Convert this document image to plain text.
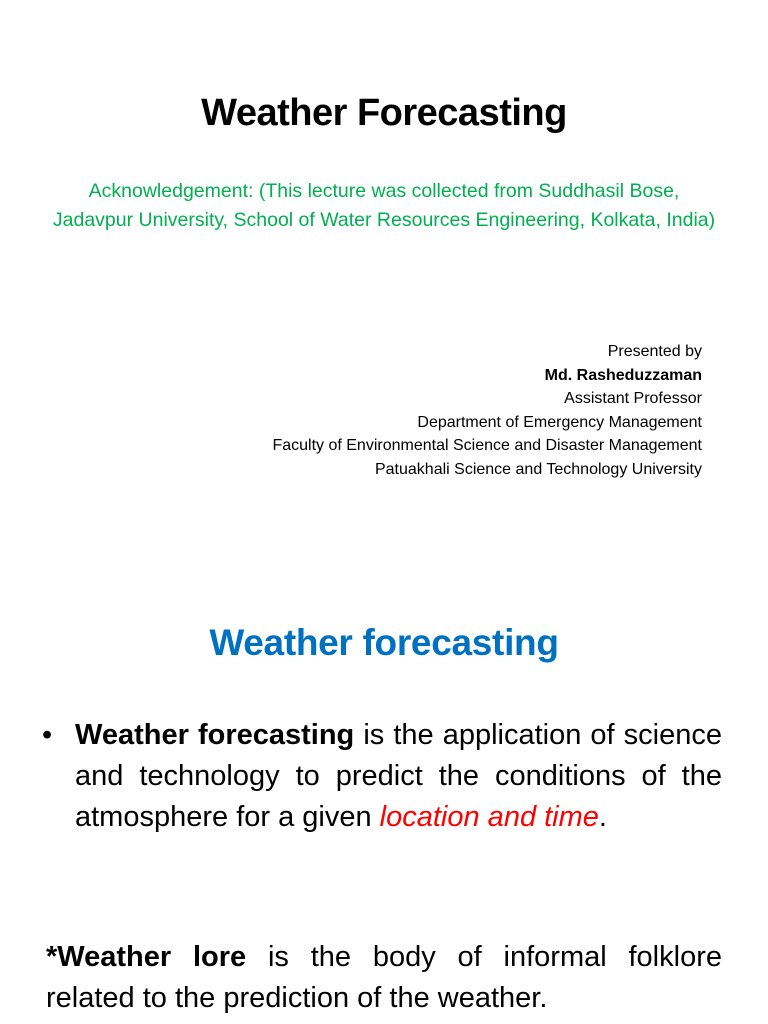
Weather Forecasting
Acknowledgement: (This lecture was collected from Suddhasil Bose,
Jadavpur University, School of Water Resources Engineering, Kolkata, India)
Presented by
Md. Rasheduzzaman
Assistant Professor
Department of Emergency Management
Faculty of Environmental Science and Disaster Management
Patuakhali Science and Technology University
Weather forecasting
• Weather forecasting is the application of science and technology to predict the conditions of the atmosphere for a given location and time.
*Weather lore is the body of informal folklore related to the prediction of the weather.
